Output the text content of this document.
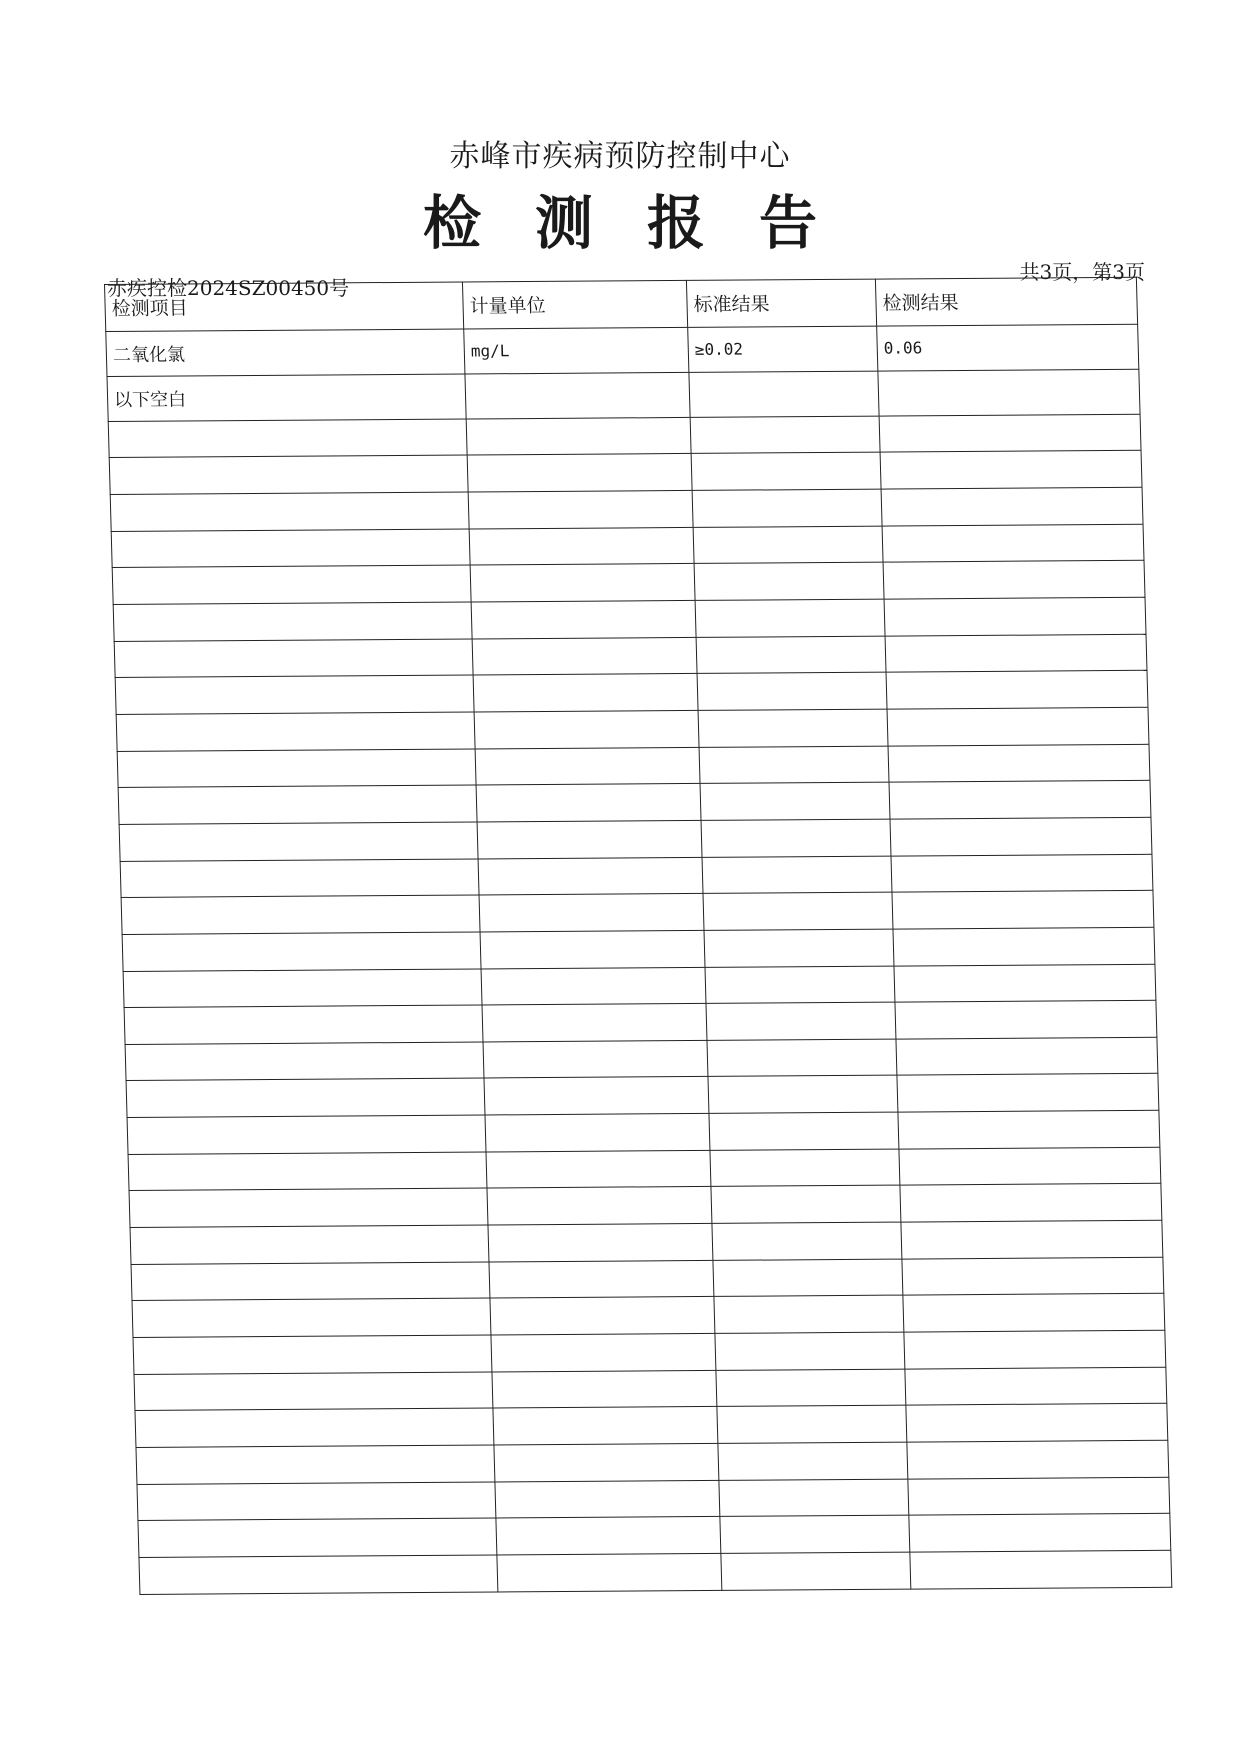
赤峰市疾病预防控制中心
检测报告
赤疾控检2024SZ00450号
共3页，第3页
检测项目	计量单位	标准结果	检测结果
二氧化氯	mg/L	≥0.02	0.06
以下空白			
